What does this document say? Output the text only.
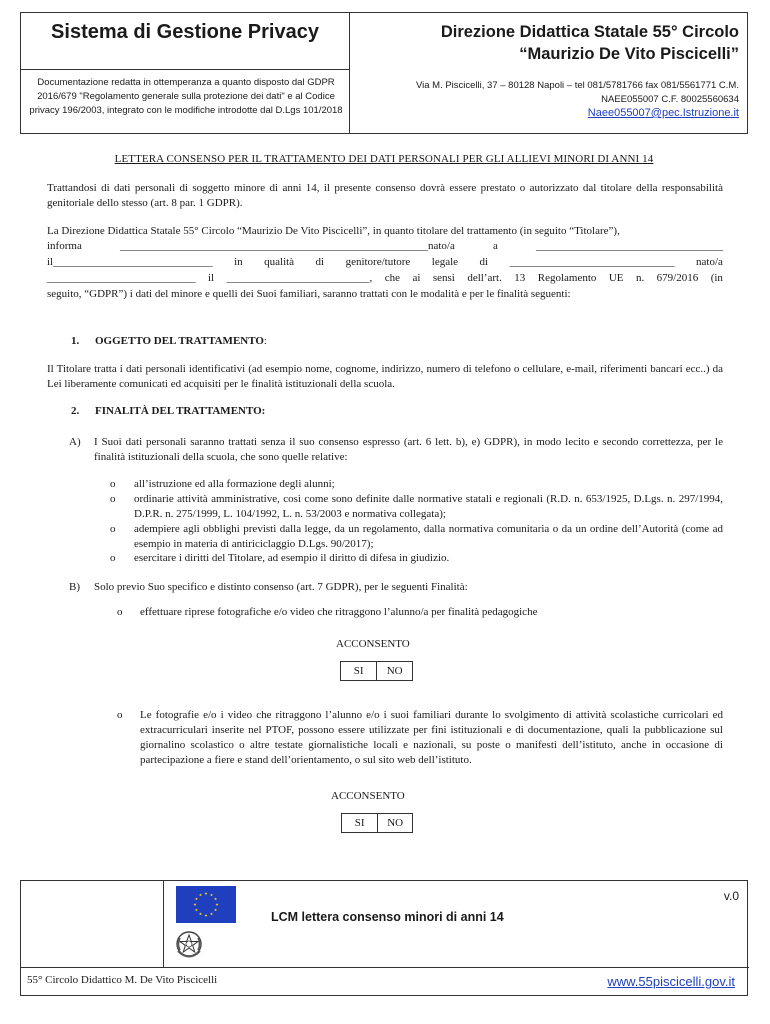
Sistema di Gestione Privacy
Documentazione redatta in ottemperanza a quanto disposto dal GDPR 2016/679 "Regolamento generale sulla protezione dei dati" e al Codice privacy 196/2003, integrato con le modifiche introdotte dal D.Lgs 101/2018
Direzione Didattica Statale 55° Circolo
“Maurizio De Vito Piscicelli”
Via M. Piscicelli, 37 – 80128 Napoli – tel 081/5781766 fax 081/5561771 C.M.
NAEE055007 C.F. 80025560634
Naee055007@pec.Istruzione.it
LETTERA CONSENSO PER IL TRATTAMENTO DEI DATI PERSONALI PER GLI ALLIEVI MINORI DI ANNI 14
Trattandosi di dati personali di soggetto minore di anni 14, il presente consenso dovrà essere prestato o autorizzato dal titolare della responsabilità genitoriale dello stesso (art. 8 par. 1 GDPR).
La Direzione Didattica Statale 55° Circolo “Maurizio De Vito Piscicelli”, in quanto titolare del trattamento (in seguito “Titolare”),
informa	________________________________________________________nato/a	a	__________________________________
il_____________________________ in qualità di genitore/tutore legale di ______________________________ nato/a
___________________________ il __________________________, che ai sensi dell’art. 13 Regolamento UE n. 679/2016 (in
seguito, “GDPR”) i dati del minore e quelli dei Suoi familiari, saranno trattati con le modalità e per le finalità seguenti:
1. OGGETTO DEL TRATTAMENTO:
Il Titolare tratta i dati personali identificativi (ad esempio nome, cognome, indirizzo, numero di telefono o cellulare, e-mail, riferimenti bancari ecc..) da Lei liberamente comunicati ed acquisiti per le finalità istituzionali della scuola.
2. FINALITÀ DEL TRATTAMENTO:
A) I Suoi dati personali saranno trattati senza il suo consenso espresso (art. 6 lett. b), e) GDPR), in modo lecito e secondo correttezza, per le finalità istituzionali della scuola, che sono quelle relative:
o all’istruzione ed alla formazione degli alunni;
o ordinarie attività amministrative, così come sono definite dalle normative statali e regionali (R.D. n. 653/1925, D.Lgs. n. 297/1994, D.P.R. n. 275/1999, L. 104/1992, L. n. 53/2003 e normativa collegata);
o adempiere agli obblighi previsti dalla legge, da un regolamento, dalla normativa comunitaria o da un ordine dell’Autorità (come ad esempio in materia di antiriciclaggio D.Lgs. 90/2017);
o esercitare i diritti del Titolare, ad esempio il diritto di difesa in giudizio.
B) Solo previo Suo specifico e distinto consenso (art. 7 GDPR), per le seguenti Finalità:
o effettuare riprese fotografiche e/o video che ritraggono l’alunno/a per finalità pedagogiche
ACCONSENTO
SI	NO
o Le fotografie e/o i video che ritraggono l’alunno e/o i suoi familiari durante lo svolgimento di attività scolastiche curricolari ed extracurriculari inserite nel PTOF, possono essere utilizzate per fini istituzionali e di documentazione, quali la pubblicazione sul giornalino scolastico o altre testate giornalistiche locali e nazionali, su poste o manifesti dell’istituto, anche in occasione di partecipazione a fiere e stand dell’orientamento, o sul sito web dell’istituto.
ACCONSENTO
SI	NO
LCM lettera consenso minori di anni 14
v.0
55° Circolo Didattico M. De Vito Piscicelli	www.55piscicelli.gov.it
